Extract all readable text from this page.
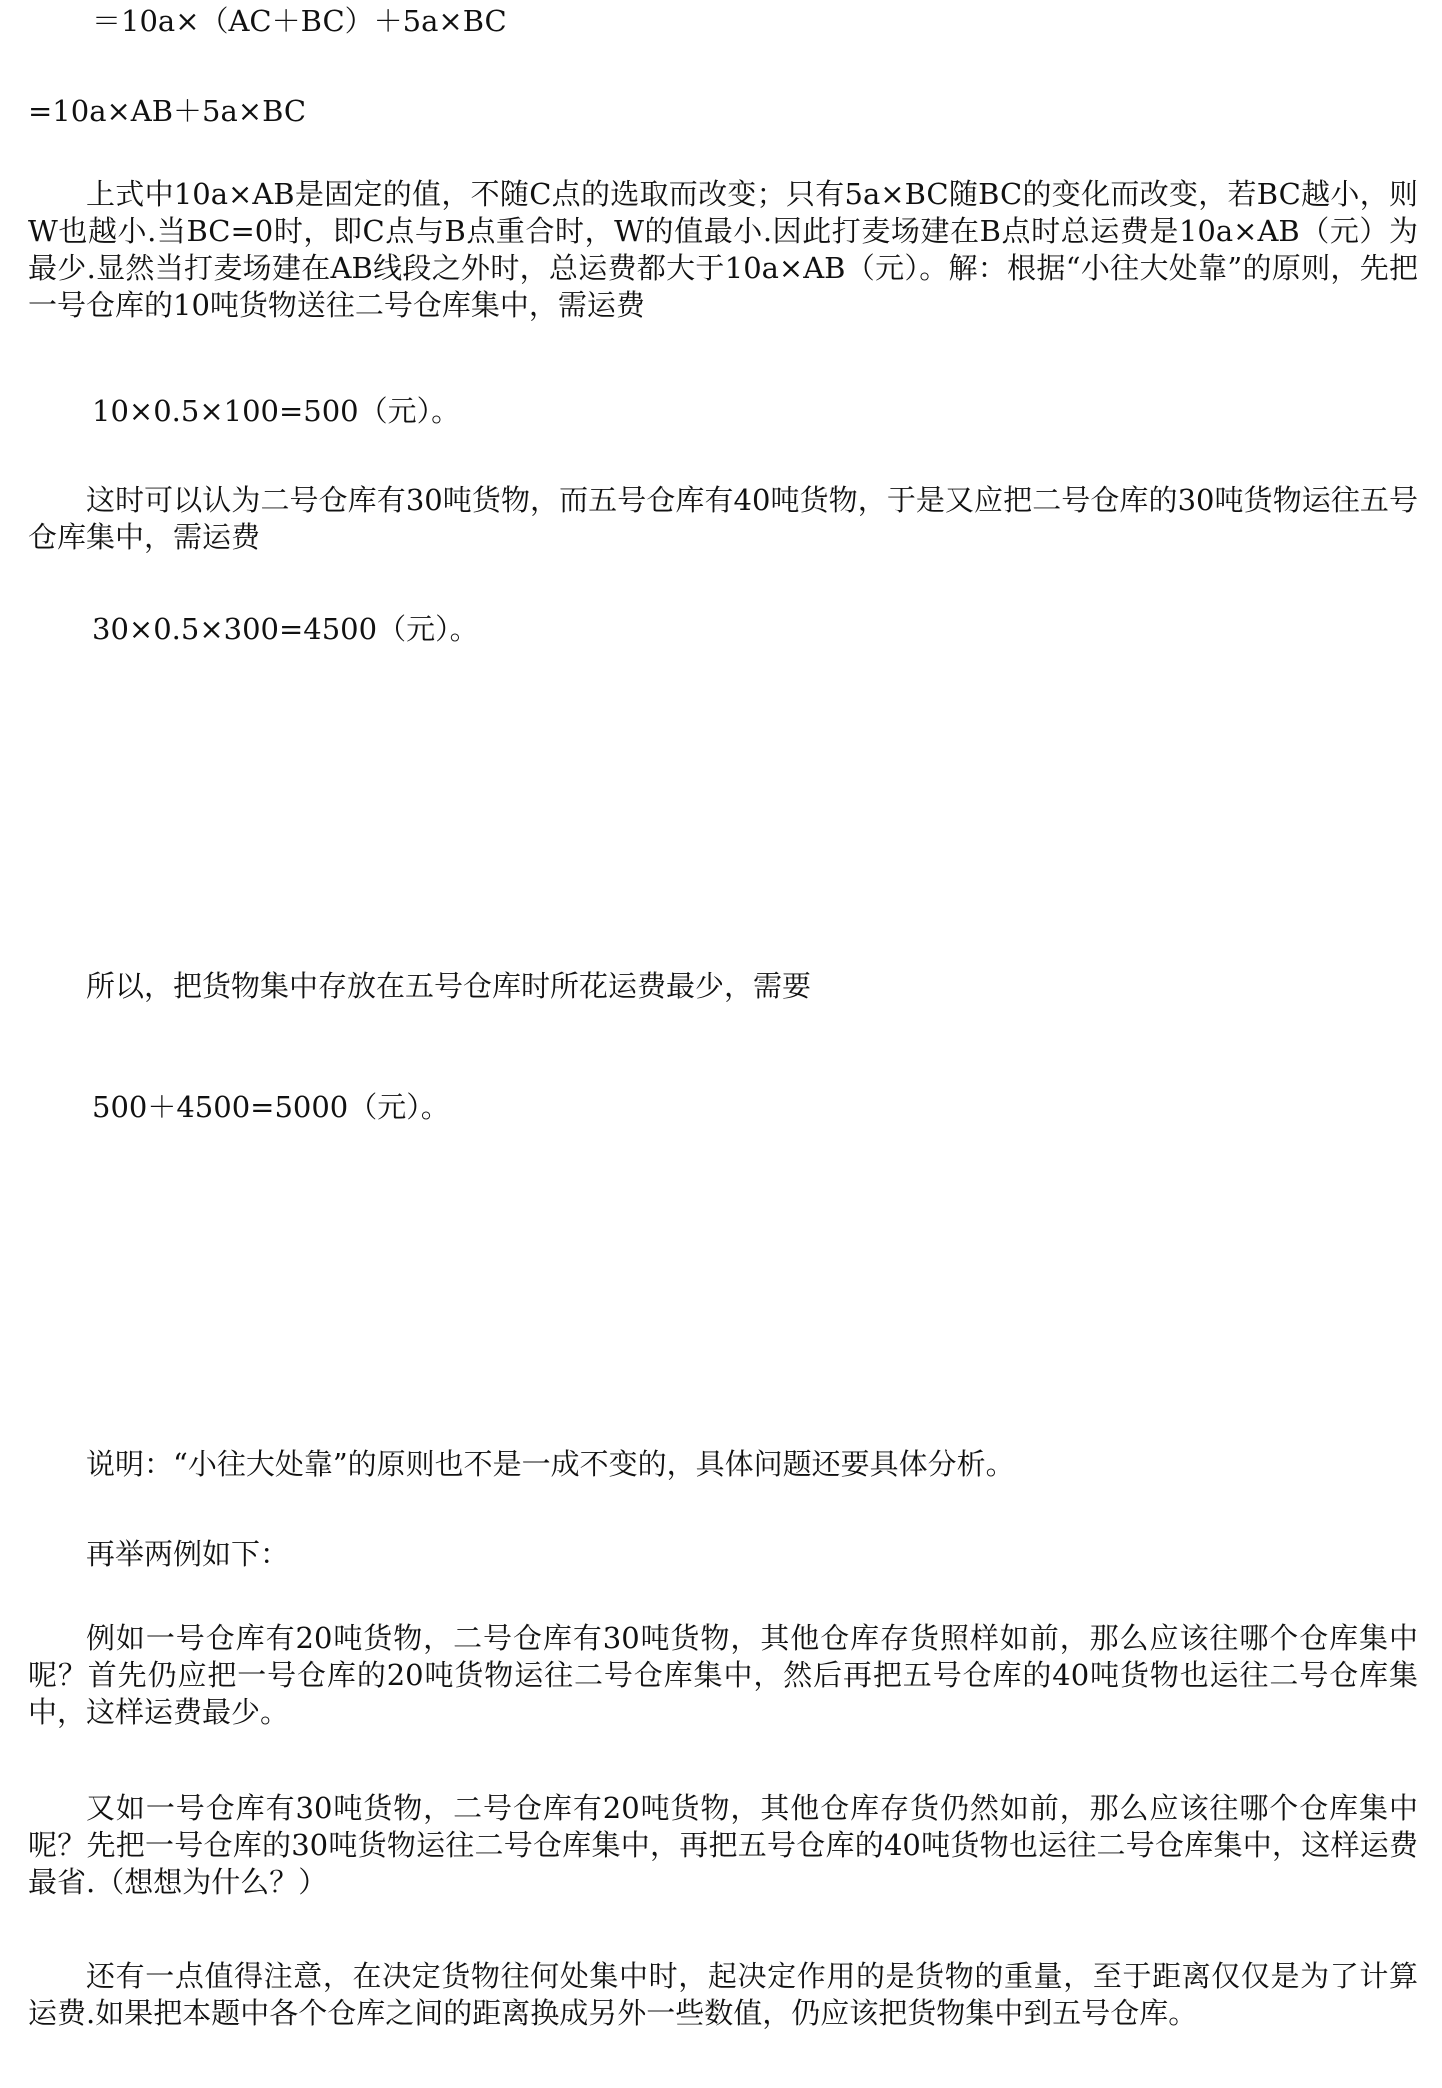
＝10a×（AC＋BC）＋5a×BC
=10a×AB＋5a×BC
上式中10a×AB是固定的值，不随C点的选取而改变；只有5a×BC随BC的变化而改变，若BC越小，则W也越小.当BC=0时，即C点与B点重合时，W的值最小.因此打麦场建在B点时总运费是10a×AB（元）为最少.显然当打麦场建在AB线段之外时，总运费都大于10a×AB（元）。解：根据“小往大处靠”的原则，先把一号仓库的10吨货物送往二号仓库集中，需运费
10×0.5×100=500（元）。
这时可以认为二号仓库有30吨货物，而五号仓库有40吨货物，于是又应把二号仓库的30吨货物运往五号仓库集中，需运费
30×0.5×300=4500（元）。
所以，把货物集中存放在五号仓库时所花运费最少，需要
500＋4500=5000（元）。
说明：“小往大处靠”的原则也不是一成不变的，具体问题还要具体分析。
再举两例如下：
例如一号仓库有20吨货物，二号仓库有30吨货物，其他仓库存货照样如前，那么应该往哪个仓库集中呢？首先仍应把一号仓库的20吨货物运往二号仓库集中，然后再把五号仓库的40吨货物也运往二号仓库集中，这样运费最少。
又如一号仓库有30吨货物，二号仓库有20吨货物，其他仓库存货仍然如前，那么应该往哪个仓库集中呢？先把一号仓库的30吨货物运往二号仓库集中，再把五号仓库的40吨货物也运往二号仓库集中，这样运费最省.（想想为什么？）
还有一点值得注意，在决定货物往何处集中时，起决定作用的是货物的重量，至于距离仅仅是为了计算运费.如果把本题中各个仓库之间的距离换成另外一些数值，仍应该把货物集中到五号仓库。
